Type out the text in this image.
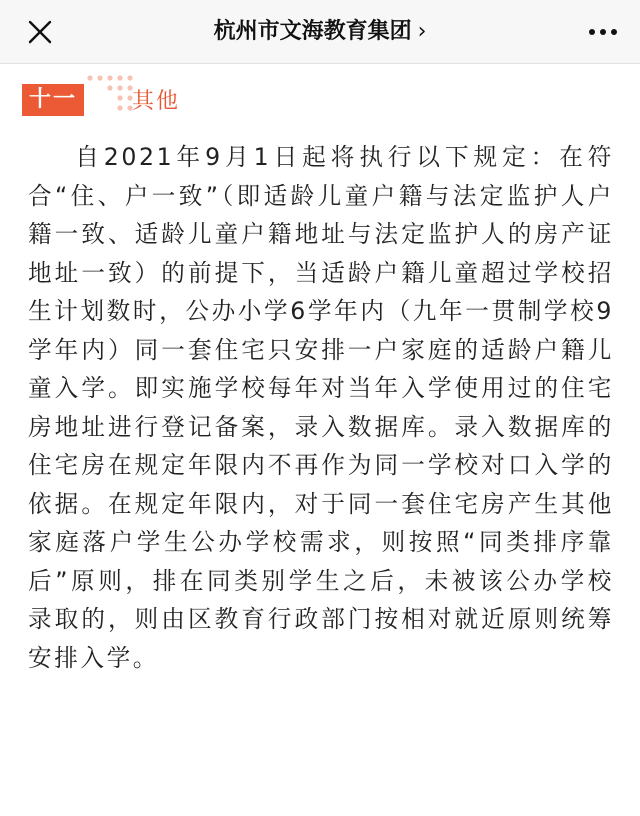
杭州市文海教育集团 ›
十一	其他

自2021年9月1日起将执行以下规定：在符合“住、户一致”（即适龄儿童户籍与法定监护人户籍一致、适龄儿童户籍地址与法定监护人的房产证地址一致）的前提下，当适龄户籍儿童超过学校招生计划数时，公办小学6学年内（九年一贯制学校9学年内）同一套住宅只安排一户家庭的适龄户籍儿童入学。即实施学校每年对当年入学使用过的住宅房地址进行登记备案，录入数据库。录入数据库的住宅房在规定年限内不再作为同一学校对口入学的依据。在规定年限内，对于同一套住宅房产生其他家庭落户学生公办学校需求，则按照“同类排序靠后”原则，排在同类别学生之后，未被该公办学校录取的，则由区教育行政部门按相对就近原则统筹安排入学。
